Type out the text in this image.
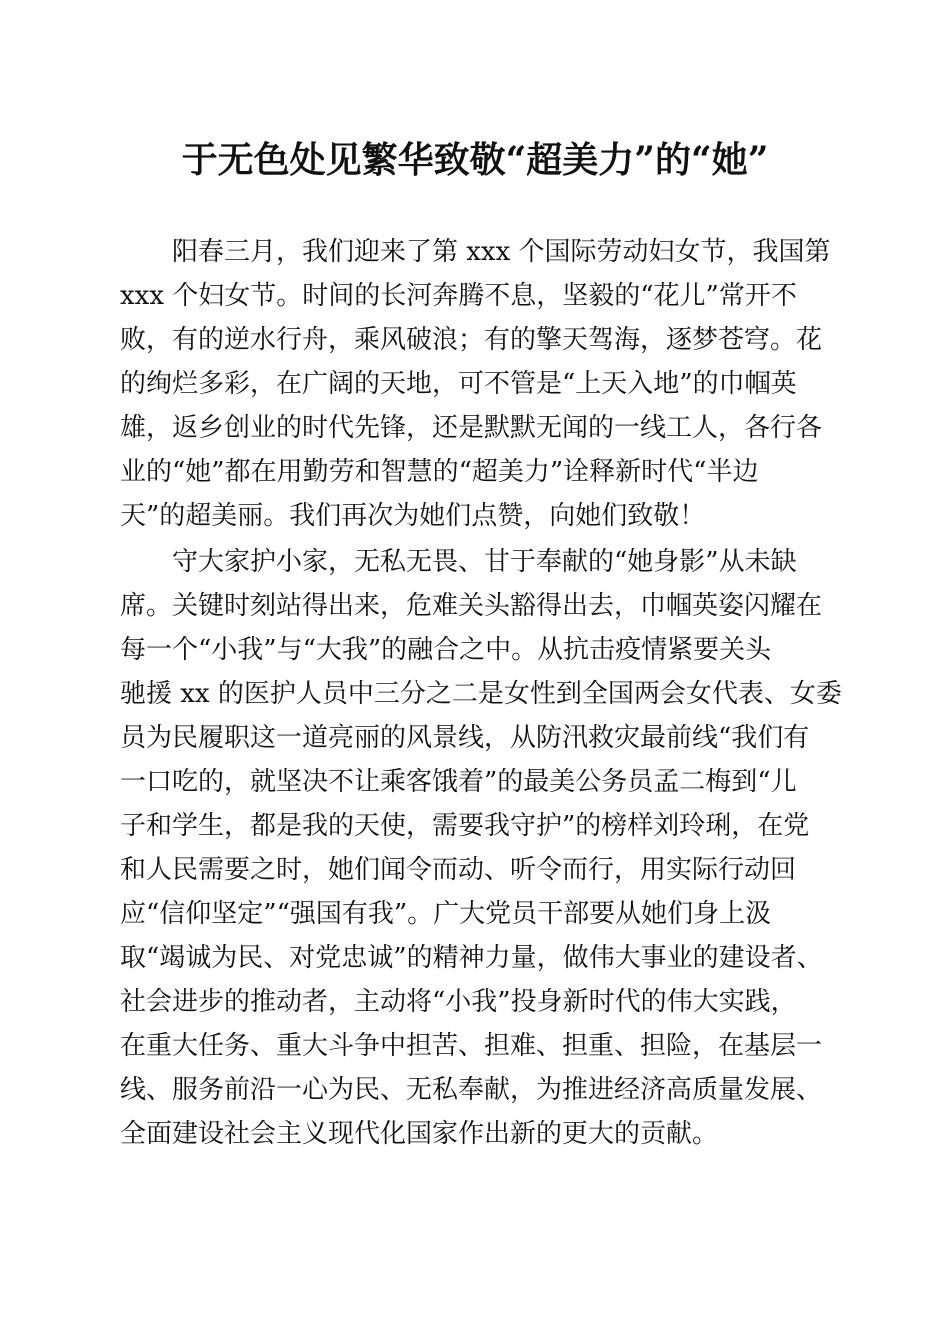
于无色处见繁华致敬“超美力”的“她”
阳春三月，我们迎来了第 xxx 个国际劳动妇女节，我国第
xxx 个妇女节。时间的长河奔腾不息，坚毅的“花儿”常开不
败，有的逆水行舟，乘风破浪；有的擎天驾海，逐梦苍穹。花
的绚烂多彩，在广阔的天地，可不管是“上天入地”的巾帼英
雄，返乡创业的时代先锋，还是默默无闻的一线工人，各行各
业的“她”都在用勤劳和智慧的“超美力”诠释新时代“半边
天”的超美丽。我们再次为她们点赞，向她们致敬！
守大家护小家，无私无畏、甘于奉献的“她身影”从未缺
席。关键时刻站得出来，危难关头豁得出去，巾帼英姿闪耀在
每一个“小我”与“大我”的融合之中。从抗击疫情紧要关头
驰援 xx 的医护人员中三分之二是女性到全国两会女代表、女委
员为民履职这一道亮丽的风景线，从防汛救灾最前线“我们有
一口吃的，就坚决不让乘客饿着”的最美公务员孟二梅到“儿
子和学生，都是我的天使，需要我守护”的榜样刘玲琍，在党
和人民需要之时，她们闻令而动、听令而行，用实际行动回
应“信仰坚定”“强国有我”。广大党员干部要从她们身上汲
取“竭诚为民、对党忠诚”的精神力量，做伟大事业的建设者、
社会进步的推动者，主动将“小我”投身新时代的伟大实践，
在重大任务、重大斗争中担苦、担难、担重、担险，在基层一
线、服务前沿一心为民、无私奉献，为推进经济高质量发展、
全面建设社会主义现代化国家作出新的更大的贡献。
